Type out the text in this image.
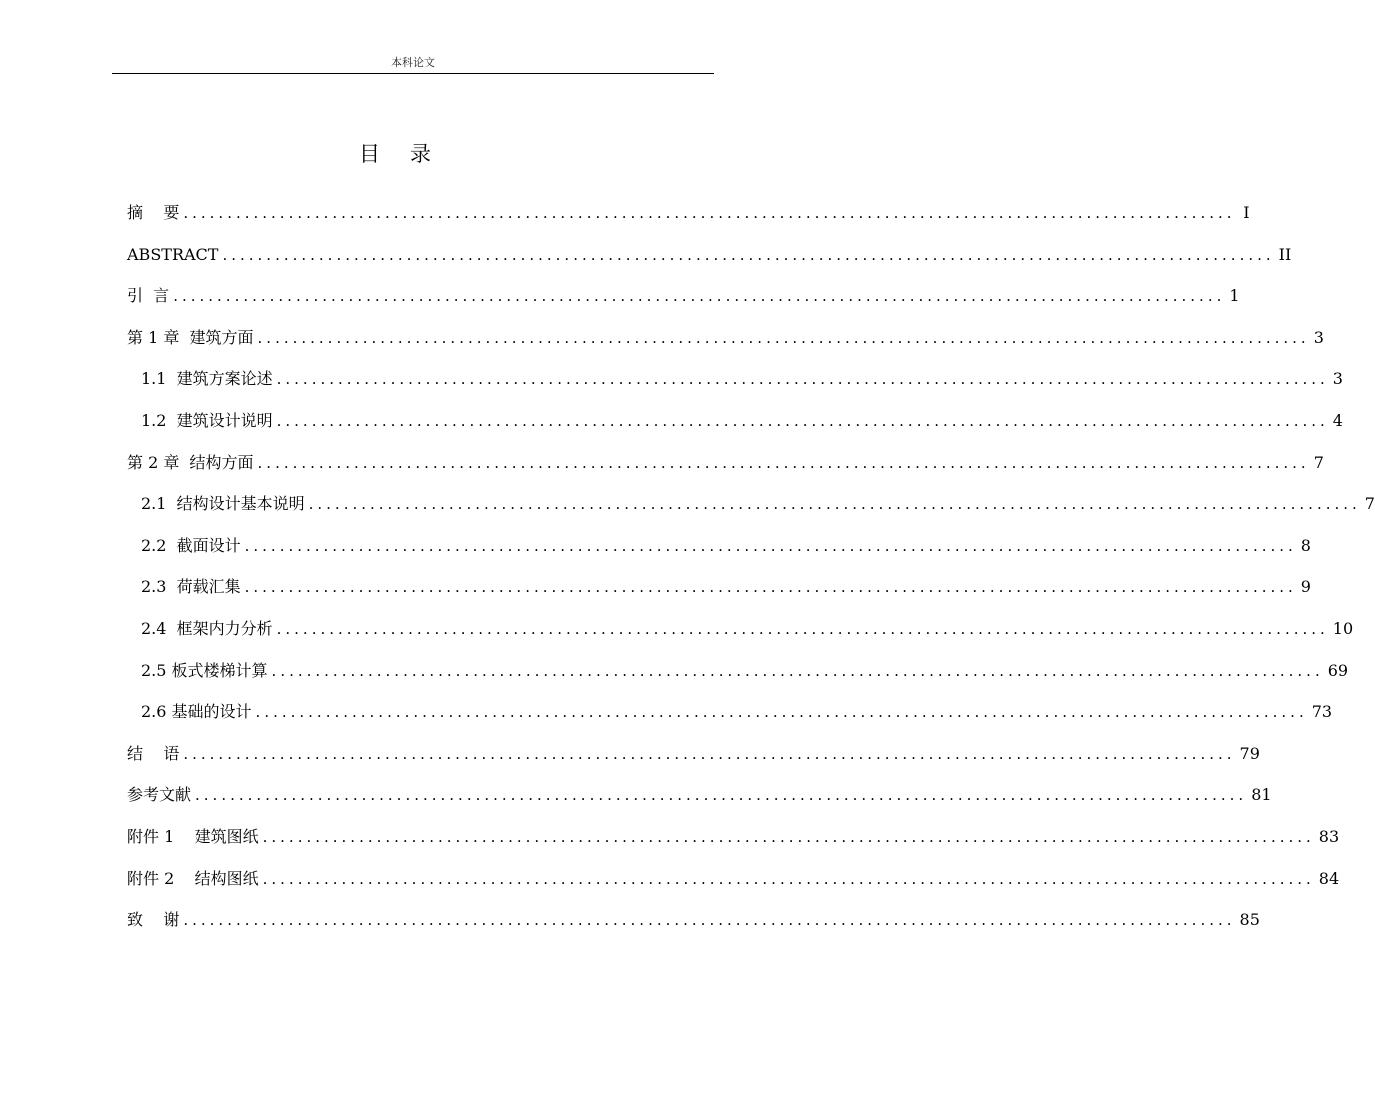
本科论文
目录
摘    要 ........................................................................................................................ I
ABSTRACT ........................................................................................................................ II
引  言 ........................................................................................................................ 1
第 1 章  建筑方面 ........................................................................................................................ 3
1.1  建筑方案论述 ........................................................................................................................ 3
1.2  建筑设计说明 ........................................................................................................................ 4
第 2 章  结构方面 ........................................................................................................................ 7
2.1  结构设计基本说明 ........................................................................................................................ 7
2.2  截面设计 ........................................................................................................................ 8
2.3  荷载汇集 ........................................................................................................................ 9
2.4  框架内力分析 ........................................................................................................................ 10
2.5 板式楼梯计算 ........................................................................................................................ 69
2.6 基础的设计 ........................................................................................................................ 73
结    语 ........................................................................................................................ 79
参考文献 ........................................................................................................................ 81
附件 1    建筑图纸 ........................................................................................................................ 83
附件 2    结构图纸 ........................................................................................................................ 84
致    谢 ........................................................................................................................ 85
